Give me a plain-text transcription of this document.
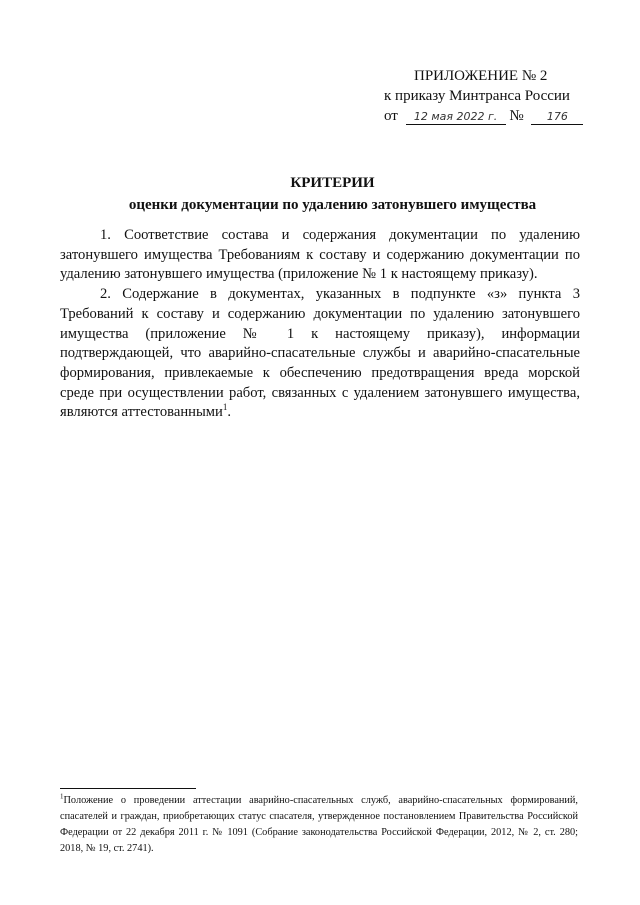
ПРИЛОЖЕНИЕ № 2
к приказу Минтранса России
от 12 мая 2022 г. № 176
КРИТЕРИИ
оценки документации по удалению затонувшего имущества

1. Соответствие состава и содержания документации по удалению затонувшего имущества Требованиям к составу и содержанию документации по удалению затонувшего имущества (приложение № 1 к настоящему приказу).

2. Содержание в документах, указанных в подпункте «з» пункта 3 Требований к составу и содержанию документации по удалению затонувшего имущества (приложение № 1 к настоящему приказу), информации подтверждающей, что аварийно-спасательные службы и аварийно-спасательные формирования, привлекаемые к обеспечению предотвращения вреда морской среде при осуществлении работ, связанных с удалением затонувшего имущества, являются аттестованными$^1$.

$^1$Положение о проведении аттестации аварийно-спасательных служб, аварийно-спасательных формирований, спасателей и граждан, приобретающих статус спасателя, утвержденное постановлением Правительства Российской Федерации от 22 декабря 2011 г. № 1091 (Собрание законодательства Российской Федерации, 2012, № 2, ст. 280; 2018, № 19, ст. 2741).
